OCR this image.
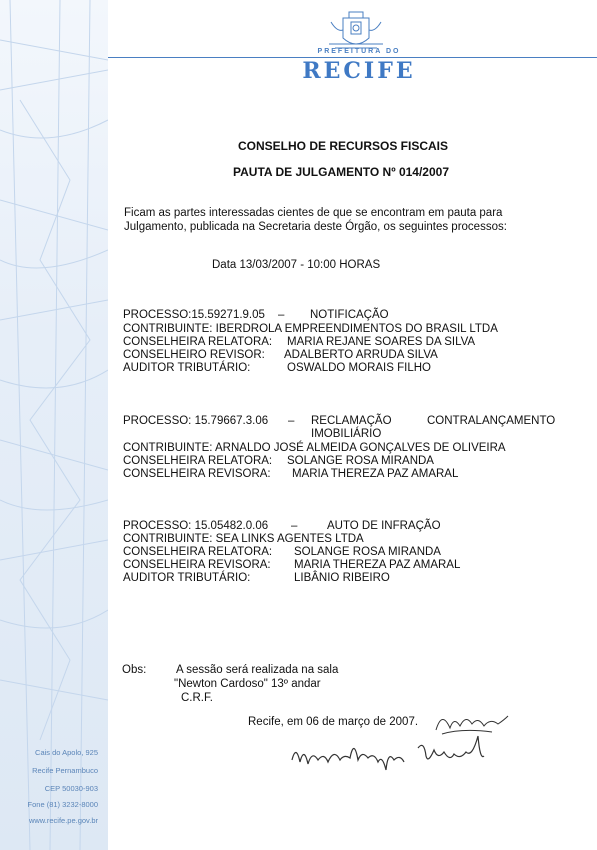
Cais do Apolo, 925
Recife Pernambuco
CEP 50030-903
Fone (81) 3232-8000
www.recife.pe.gov.br
PREFEITURA DO
RECIFE
CONSELHO DE RECURSOS FISCAIS
PAUTA DE JULGAMENTO Nº 014/2007
Ficam as partes interessadas cientes de que se encontram em pauta para
Julgamento, publicada na Secretaria deste Órgão, os seguintes processos:
Data 13/03/2007 - 10:00 HORAS
PROCESSO:15.59271.9.05 – NOTIFICAÇÃO
CONTRIBUINTE: IBERDROLA EMPREENDIMENTOS DO BRASIL LTDA
CONSELHEIRA RELATORA: MARIA REJANE SOARES DA SILVA
CONSELHEIRO REVISOR: ADALBERTO ARRUDA SILVA
AUDITOR TRIBUTÁRIO:	OSWALDO MORAIS FILHO
PROCESSO: 15.79667.3.06 – RECLAMAÇÃO	CONTRALANÇAMENTO
IMOBILIÁRIO
CONTRIBUINTE: ARNALDO JOSÉ ALMEIDA GONÇALVES DE OLIVEIRA
CONSELHEIRA RELATORA: SOLANGE ROSA MIRANDA
CONSELHEIRA REVISORA: MARIA THEREZA PAZ AMARAL
PROCESSO: 15.05482.0.06 –	AUTO DE INFRAÇÃO
CONTRIBUINTE: SEA LINKS AGENTES LTDA
CONSELHEIRA RELATORA: SOLANGE ROSA MIRANDA
CONSELHEIRA REVISORA: MARIA THEREZA PAZ AMARAL
AUDITOR TRIBUTÁRIO:	LIBÂNIO RIBEIRO
Obs:	A sessão será realizada na sala
"Newton Cardoso" 13º andar
C.R.F.
Recife, em 06 de março de 2007.
